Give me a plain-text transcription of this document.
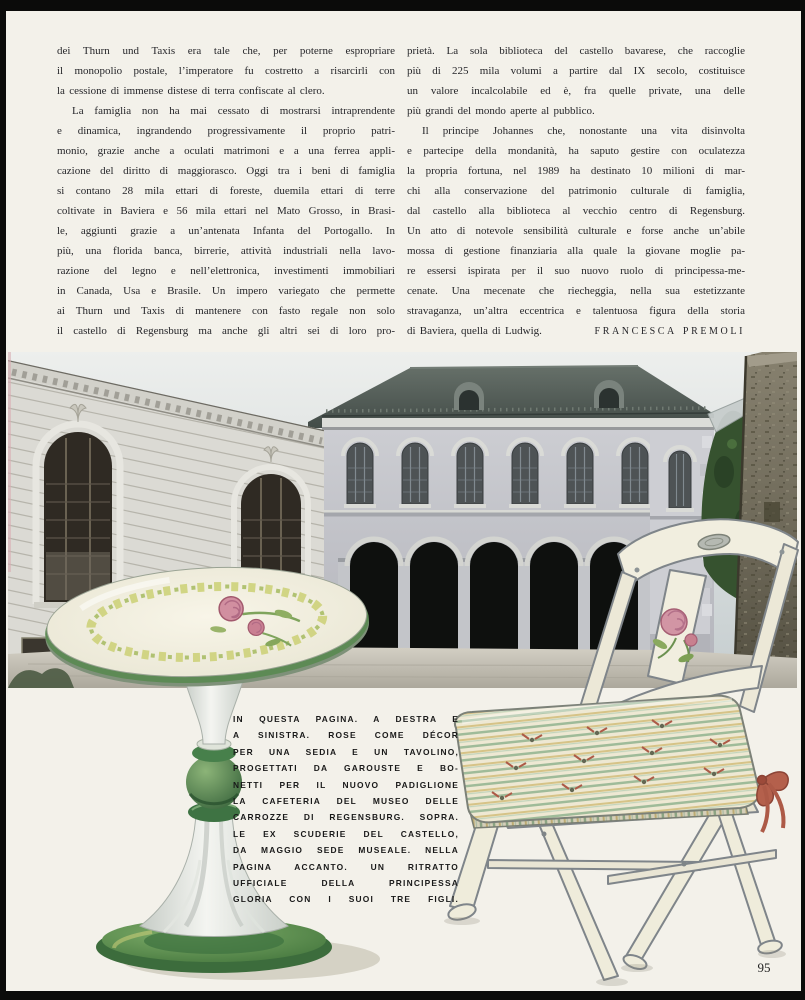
dei Thurn und Taxis era tale che, per poterne espropriare
il monopolio postale, l’imperatore fu costretto a risarcirli con
la cessione di immense distese di terra confiscate al clero.
La famiglia non ha mai cessato di mostrarsi intraprendente
e dinamica, ingrandendo progressivamente il proprio patri-
monio, grazie anche a oculati matrimoni e a una ferrea appli-
cazione del diritto di maggiorasco. Oggi tra i beni di famiglia
si contano 28 mila ettari di foreste, duemila ettari di terre
coltivate in Baviera e 56 mila ettari nel Mato Grosso, in Brasi-
le, aggiunti grazie a un’antenata Infanta del Portogallo. In
più, una florida banca, birrerie, attività industriali nella lavo-
razione del legno e nell’elettronica, investimenti immobiliari
in Canada, Usa e Brasile. Un impero variegato che permette
ai Thurn und Taxis di mantenere con fasto regale non solo
il castello di Regensburg ma anche gli altri sei di loro pro-
prietà. La sola biblioteca del castello bavarese, che raccoglie
più di 225 mila volumi a partire dal IX secolo, costituisce
un valore incalcolabile ed è, fra quelle private, una delle
più grandi del mondo aperte al pubblico.
Il principe Johannes che, nonostante una vita disinvolta
e partecipe della mondanità, ha saputo gestire con oculatezza
la propria fortuna, nel 1989 ha destinato 10 milioni di mar-
chi alla conservazione del patrimonio culturale di famiglia,
dal castello alla biblioteca al vecchio centro di Regensburg.
Un atto di notevole sensibilità culturale e forse anche un’abile
mossa di gestione finanziaria alla quale la giovane moglie pa-
re essersi ispirata per il suo nuovo ruolo di principessa-me-
cenate. Una mecenate che riecheggia, nella sua estetizzante
stravaganza, un’altra eccentrica e talentuosa figura della storia
di Baviera, quella di Ludwig.	FRANCESCA PREMOLI
IN QUESTA PAGINA. A DESTRA E
A SINISTRA. ROSE COME DÉCOR
PER UNA SEDIA E UN TAVOLINO,
PROGETTATI DA GAROUSTE E BO-
NETTI PER IL NUOVO PADIGLIONE
LA CAFETERIA DEL MUSEO DELLE
CARROZZE DI REGENSBURG. SOPRA.
LE EX SCUDERIE DEL CASTELLO,
DA MAGGIO SEDE MUSEALE. NELLA
PAGINA ACCANTO. UN RITRATTO
UFFICIALE DELLA PRINCIPESSA
GLORIA CON I SUOI TRE FIGLI.
95
